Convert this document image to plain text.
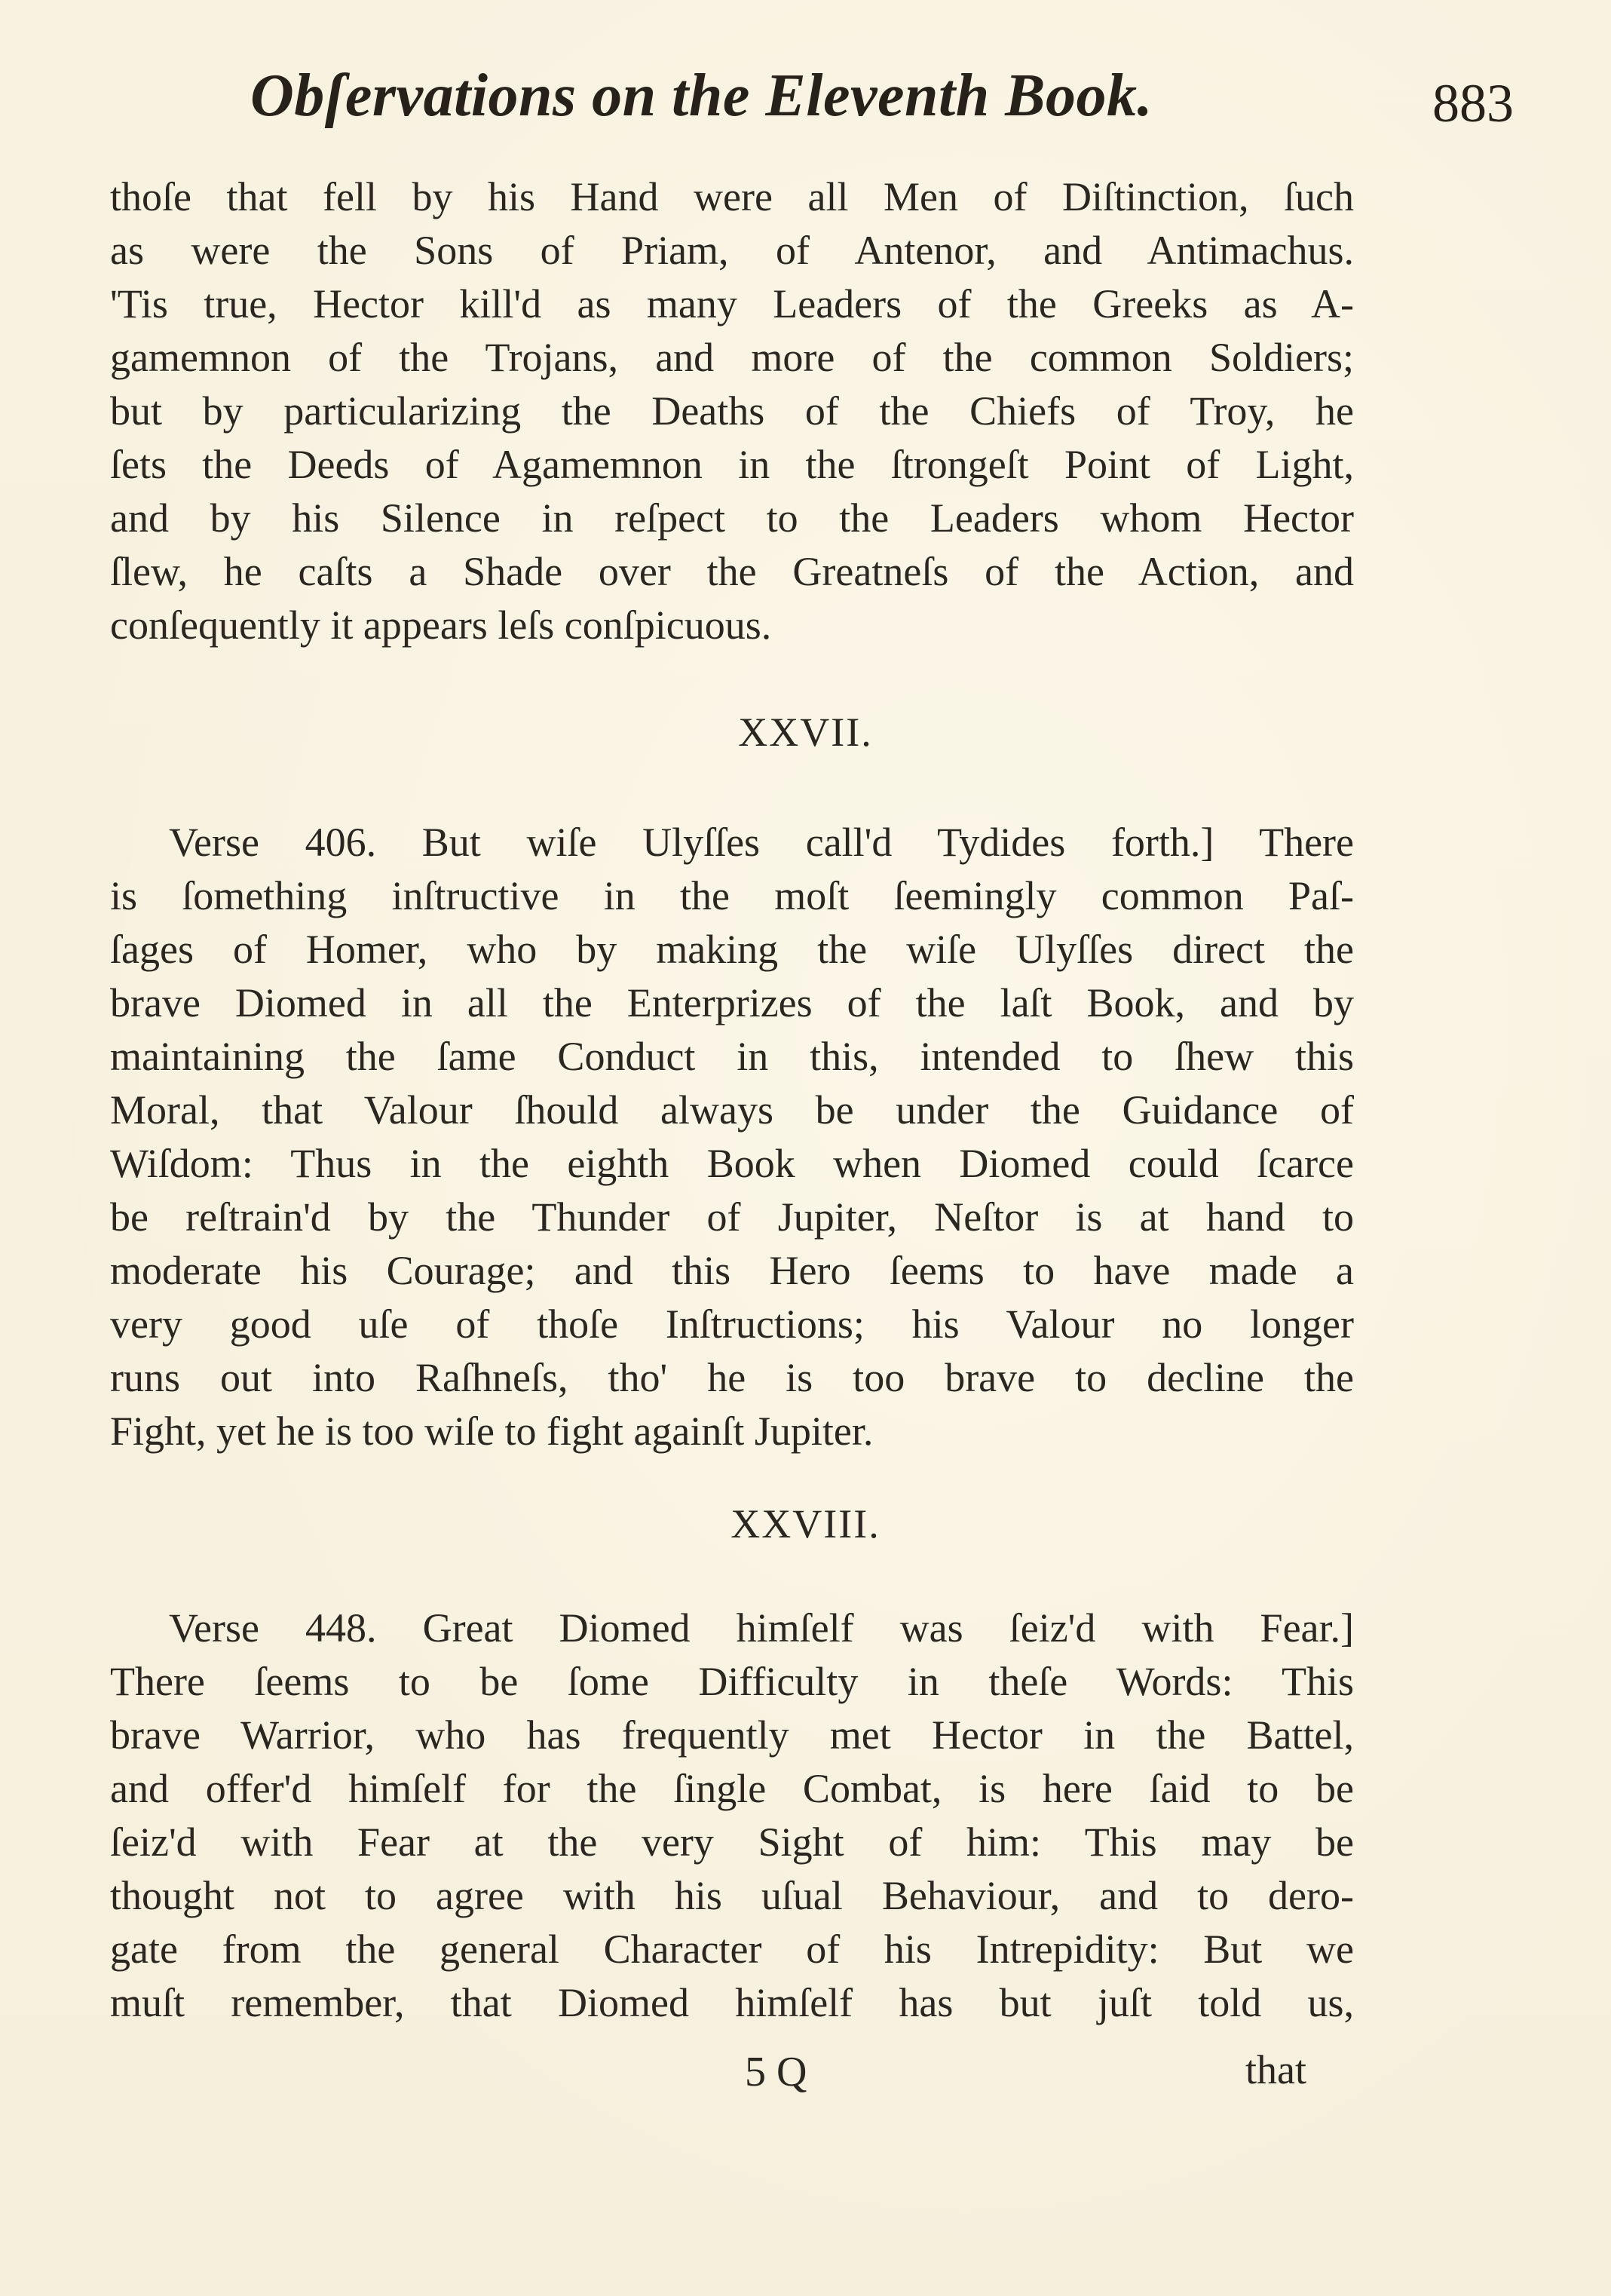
Obſervations on the Eleventh Book.	883
thoſe that fell by his Hand were all Men of Diſtinction, ſuch
as were the Sons of Priam, of Antenor, and Antimachus.
'Tis true, Hector kill'd as many Leaders of the Greeks as A-
gamemnon of the Trojans, and more of the common Soldiers;
but by particularizing the Deaths of the Chiefs of Troy, he
ſets the Deeds of Agamemnon in the ſtrongeſt Point of Light,
and by his Silence in reſpect to the Leaders whom Hector
ſlew, he caſts a Shade over the Greatneſs of the Action, and
conſequently it appears leſs conſpicuous.
XXVII.
Verse 406. But wiſe Ulyſſes call'd Tydides forth.] There
is ſomething inſtructive in the moſt ſeemingly common Paſ-
ſages of Homer, who by making the wiſe Ulyſſes direct the
brave Diomed in all the Enterprizes of the laſt Book, and by
maintaining the ſame Conduct in this, intended to ſhew this
Moral, that Valour ſhould always be under the Guidance of
Wiſdom: Thus in the eighth Book when Diomed could ſcarce
be reſtrain'd by the Thunder of Jupiter, Neſtor is at hand to
moderate his Courage; and this Hero ſeems to have made a
very good uſe of thoſe Inſtructions; his Valour no longer
runs out into Raſhneſs, tho' he is too brave to decline the
Fight, yet he is too wiſe to fight againſt Jupiter.
XXVIII.
Verse 448. Great Diomed himſelf was ſeiz'd with Fear.]
There ſeems to be ſome Difficulty in theſe Words: This
brave Warrior, who has frequently met Hector in the Battel,
and offer'd himſelf for the ſingle Combat, is here ſaid to be
ſeiz'd with Fear at the very Sight of him: This may be
thought not to agree with his uſual Behaviour, and to dero-
gate from the general Character of his Intrepidity: But we
muſt remember, that Diomed himſelf has but juſt told us,
5 Q	that
